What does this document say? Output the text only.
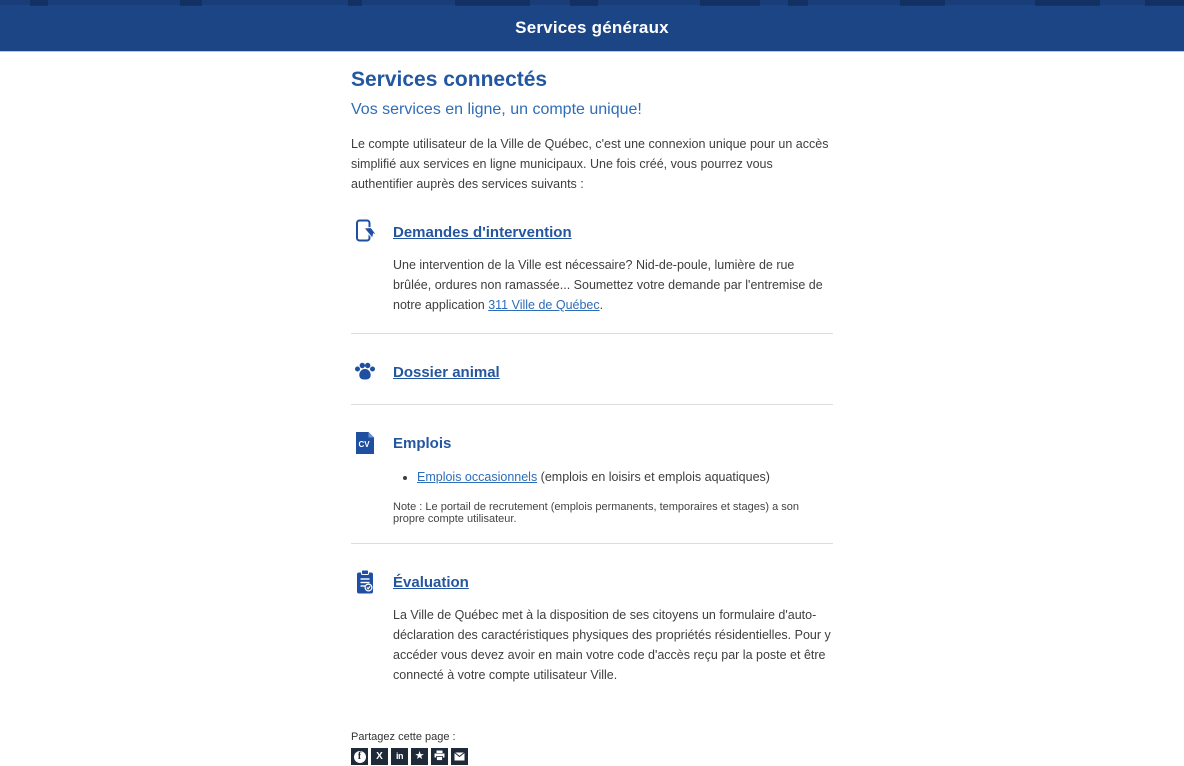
Services généraux
Services connectés
Vos services en ligne, un compte unique!

Le compte utilisateur de la Ville de Québec, c'est une connexion unique pour un accès simplifié aux services en ligne municipaux. Une fois créé, vous pourrez vous authentifier auprès des services suivants :

Demandes d'intervention

Une intervention de la Ville est nécessaire? Nid-de-poule, lumière de rue brûlée, ordures non ramassée... Soumettez votre demande par l'entremise de notre application 311 Ville de Québec.

Dossier animal
CV Emplois
• Emplois occasionnels (emplois en loisirs et emplois aquatiques)

Note : Le portail de recrutement (emplois permanents, temporaires et stages) a son propre compte utilisateur.

Évaluation

La Ville de Québec met à la disposition de ses citoyens un formulaire d'auto-déclaration des caractéristiques physiques des propriétés résidentielles. Pour y accéder vous devez avoir en main votre code d'accès reçu par la poste et être connecté à votre compte utilisateur Ville.

Partagez cette page :
f	X in ★
